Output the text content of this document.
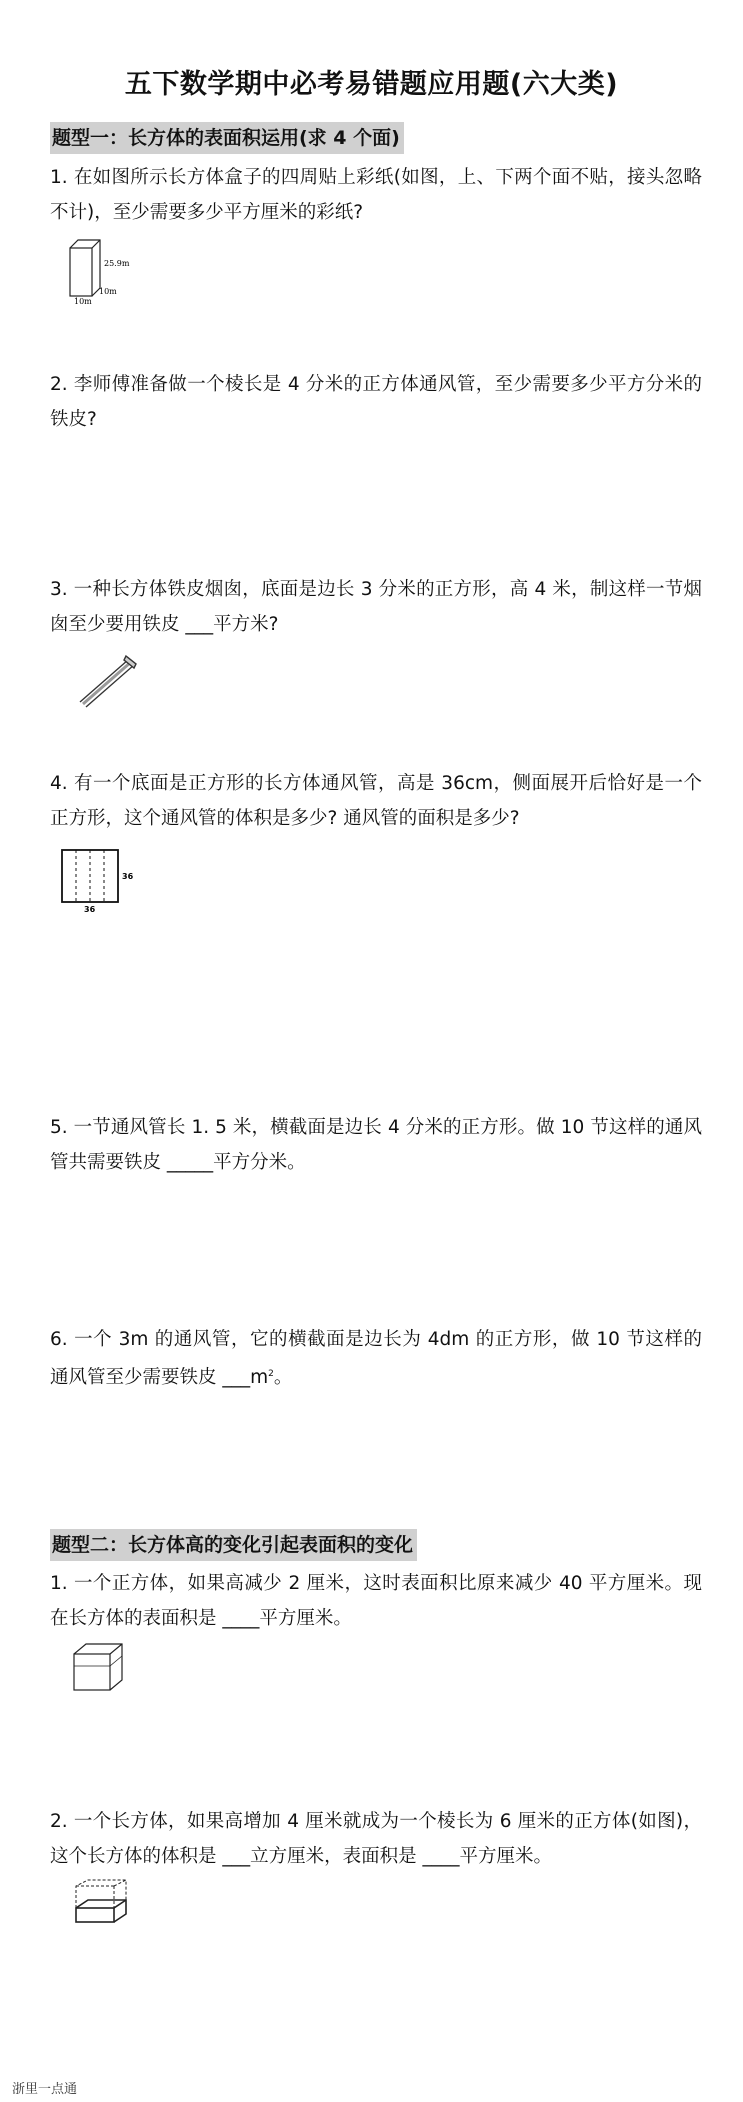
五下数学期中必考易错题应用题(六大类)
题型一：长方体的表面积运用(求 4 个面)
1. 在如图所示长方体盒子的四周贴上彩纸(如图，上、下两个面不贴，接头忽略不计)，至少需要多少平方厘米的彩纸?
25.9m
10m
10m
2. 李师傅准备做一个棱长是 4 分米的正方体通风管，至少需要多少平方分米的铁皮?
3. 一种长方体铁皮烟囱，底面是边长 3 分米的正方形，高 4 米，制这样一节烟囱至少要用铁皮 ___平方米?
4. 有一个底面是正方形的长方体通风管，高是 36cm，侧面展开后恰好是一个正方形，这个通风管的体积是多少? 通风管的面积是多少?
36
36
5. 一节通风管长 1. 5 米，横截面是边长 4 分米的正方形。做 10 节这样的通风管共需要铁皮 _____平方分米。
6. 一个 3m 的通风管，它的横截面是边长为 4dm 的正方形，做 10 节这样的通风管至少需要铁皮 $\_\_\_m^2$。
题型二：长方体高的变化引起表面积的变化
1. 一个正方体，如果高减少 2 厘米，这时表面积比原来减少 40 平方厘米。现在长方体的表面积是 ____平方厘米。
2. 一个长方体，如果高增加 4 厘米就成为一个棱长为 6 厘米的正方体(如图)，这个长方体的体积是 ___立方厘米，表面积是 ____平方厘米。
浙里一点通
